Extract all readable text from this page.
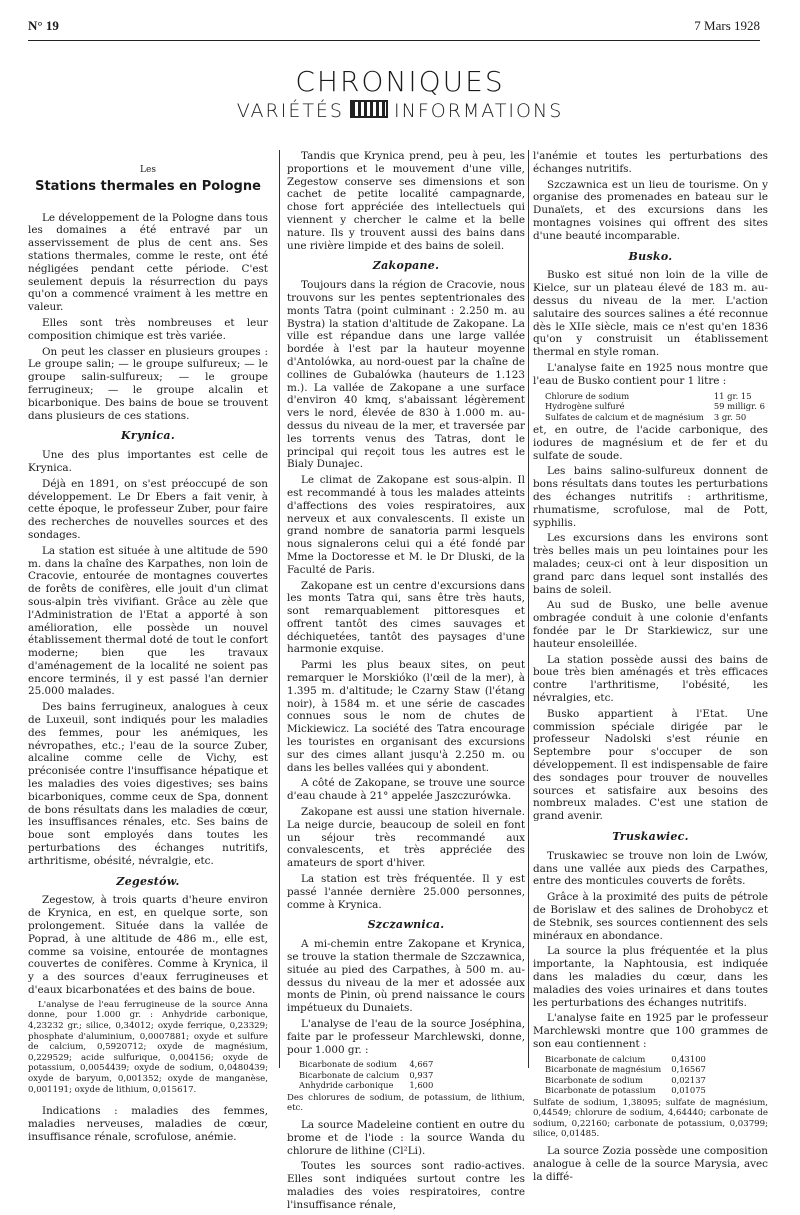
N° 19	7 Mars 1928
CHRONIQUES
VARIÉTÉS	INFORMATIONS
Les
Stations thermales en Pologne

Le développement de la Pologne dans tous les domaines a été entravé par un asservissement de plus de cent ans. Ses stations thermales, comme le reste, ont été négligées pendant cette période. C'est seulement depuis la résurrection du pays qu'on a commencé vraiment à les mettre en valeur.

Elles sont très nombreuses et leur composition chimique est très variée.

On peut les classer en plusieurs groupes : Le groupe salin; — le groupe sulfureux; — le groupe salin-sulfureux; — le groupe ferrugineux; — le groupe alcalin et bicarbonique. Des bains de boue se trouvent dans plusieurs de ces stations.

Krynica.

Une des plus importantes est celle de Krynica.

Déjà en 1891, on s'est préoccupé de son développement. Le Dr Ebers a fait venir, à cette époque, le professeur Zuber, pour faire des recherches de nouvelles sources et des sondages.

La station est située à une altitude de 590 m. dans la chaîne des Karpathes, non loin de Cracovie, entourée de montagnes couvertes de forêts de conifères, elle jouit d'un climat sous-alpin très vivifiant. Grâce au zèle que l'Administration de l'Etat a apporté à son amélioration, elle possède un nouvel établissement thermal doté de tout le confort moderne; bien que les travaux d'aménagement de la localité ne soient pas encore terminés, il y est passé l'an dernier 25.000 malades.

Des bains ferrugineux, analogues à ceux de Luxeuil, sont indiqués pour les maladies des femmes, pour les anémiques, les névropathes, etc.; l'eau de la source Zuber, alcaline comme celle de Vichy, est préconisée contre l'insuffisance hépatique et les maladies des voies digestives; ses bains bicarboniques, comme ceux de Spa, donnent de bons résultats dans les maladies de cœur, les insuffisances rénales, etc. Ses bains de boue sont employés dans toutes les perturbations des échanges nutritifs, arthritisme, obésité, névralgie, etc.

Zegestów.

Zegestow, à trois quarts d'heure environ de Krynica, en est, en quelque sorte, son prolongement. Située dans la vallée de Poprad, à une altitude de 486 m., elle est, comme sa voisine, entourée de montagnes couvertes de conifères. Comme à Krynica, il y a des sources d'eaux ferrugineuses et d'eaux bicarbonatées et des bains de boue.

L'analyse de l'eau ferrugineuse de la source Anna donne, pour 1.000 gr. : Anhydride carbonique, 4,23232 gr.; silice, 0,34012; oxyde ferrique, 0,23329; phosphate d'aluminium, 0,0007881; oxyde et sulfure de calcium, 0,5920712; oxyde de magnésium, 0,229529; acide sulfurique, 0,004156; oxyde de potassium, 0,0054439; oxyde de sodium, 0,0480439; oxyde de baryum, 0,001352; oxyde de manganèse, 0,001191; oxyde de lithium, 0,015617.

Indications : maladies des femmes, maladies nerveuses, maladies de cœur, insuffisance rénale, scrofulose, anémie.

Tandis que Krynica prend, peu à peu, les proportions et le mouvement d'une ville, Zegestow conserve ses dimensions et son cachet de petite localité campagnarde, chose fort appréciée des intellectuels qui viennent y chercher le calme et la belle nature. Ils y trouvent aussi des bains dans une rivière limpide et des bains de soleil.

Zakopane.

Toujours dans la région de Cracovie, nous trouvons sur les pentes septentrionales des monts Tatra (point culminant : 2.250 m. au Bystra) la station d'altitude de Zakopane. La ville est répandue dans une large vallée bordée à l'est par la hauteur moyenne d'Antolówka, au nord-ouest par la chaîne de collines de Gubalówka (hauteurs de 1.123 m.). La vallée de Zakopane a une surface d'environ 40 kmq, s'abaissant légèrement vers le nord, élevée de 830 à 1.000 m. au-dessus du niveau de la mer, et traversée par les torrents venus des Tatras, dont le principal qui reçoit tous les autres est le Bialy Dunajec.

Le climat de Zakopane est sous-alpin. Il est recommandé à tous les malades atteints d'affections des voies respiratoires, aux nerveux et aux convalescents. Il existe un grand nombre de sanatoria parmi lesquels nous signalerons celui qui a été fondé par Mme la Doctoresse et M. le Dr Dluski, de la Faculté de Paris.

Zakopane est un centre d'excursions dans les monts Tatra qui, sans être très hauts, sont remarquablement pittoresques et offrent tantôt des cimes sauvages et déchiquetées, tantôt des paysages d'une harmonie exquise.

Parmi les plus beaux sites, on peut remarquer le Morskióko (l'œil de la mer), à 1.395 m. d'altitude; le Czarny Staw (l'étang noir), à 1584 m. et une série de cascades connues sous le nom de chutes de Mickiewicz. La société des Tatra encourage les touristes en organisant des excursions sur des cimes allant jusqu'à 2.250 m. ou dans les belles vallées qui y abondent.

A côté de Zakopane, se trouve une source d'eau chaude à 21° appelée Jaszczurówka.

Zakopane est aussi une station hivernale. La neige durcie, beaucoup de soleil en font un séjour très recommandé aux convalescents, et très appréciée des amateurs de sport d'hiver.

La station est très fréquentée. Il y est passé l'année dernière 25.000 personnes, comme à Krynica.

Szczawnica.

A mi-chemin entre Zakopane et Krynica, se trouve la station thermale de Szczawnica, située au pied des Carpathes, à 500 m. au-dessus du niveau de la mer et adossée aux monts de Pinin, où prend naissance le cours impétueux du Dunaiets.

L'analyse de l'eau de la source Joséphina, faite par le professeur Marchlewski, donne, pour 1.000 gr. :

Bicarbonate de sodium	4,667
Bicarbonate de calcium	0,937
Anhydride carbonique	1,600
Des chlorures de sodium, de potassium, de lithium, etc.

La source Madeleine contient en outre du brome et de l'iode : la source Wanda du chlorure de lithine (Cl²Li).

Toutes les sources sont radio-actives. Elles sont indiquées surtout contre les maladies des voies respiratoires, contre l'insuffisance rénale,

l'anémie et toutes les perturbations des échanges nutritifs.

Szczawnica est un lieu de tourisme. On y organise des promenades en bateau sur le Dunaïets, et des excursions dans les montagnes voisines qui offrent des sites d'une beauté incomparable.

Busko.

Busko est situé non loin de la ville de Kielce, sur un plateau élevé de 183 m. au-dessus du niveau de la mer. L'action salutaire des sources salines a été reconnue dès le XIIe siècle, mais ce n'est qu'en 1836 qu'on y construisit un établissement thermal en style roman.

L'analyse faite en 1925 nous montre que l'eau de Busko contient pour 1 litre :

Chlorure de sodium	11 gr. 15
Hydrogène sulfuré	59 milligr. 6
Sulfates de calcium et de magnésium	3 gr. 50

et, en outre, de l'acide carbonique, des iodures de magnésium et de fer et du sulfate de soude.

Les bains salino-sulfureux donnent de bons résultats dans toutes les perturbations des échanges nutritifs : arthritisme, rhumatisme, scrofulose, mal de Pott, syphilis.

Les excursions dans les environs sont très belles mais un peu lointaines pour les malades; ceux-ci ont à leur disposition un grand parc dans lequel sont installés des bains de soleil.

Au sud de Busko, une belle avenue ombragée conduit à une colonie d'enfants fondée par le Dr Starkiewicz, sur une hauteur ensoleillée.

La station possède aussi des bains de boue très bien aménagés et très efficaces contre l'arthritisme, l'obésité, les névralgies, etc.

Busko appartient à l'Etat. Une commission spéciale dirigée par le professeur Nadolski s'est réunie en Septembre pour s'occuper de son développement. Il est indispensable de faire des sondages pour trouver de nouvelles sources et satisfaire aux besoins des nombreux malades. C'est une station de grand avenir.

Truskawiec.

Truskawiec se trouve non loin de Lwów, dans une vallée aux pieds des Carpathes, entre des monticules couverts de forêts.

Grâce à la proximité des puits de pétrole de Borislaw et des salines de Drohobycz et de Stebnik, ses sources contiennent des sels minéraux en abondance.

La source la plus fréquentée et la plus importante, la Naphtousia, est indiquée dans les maladies du cœur, dans les maladies des voies urinaires et dans toutes les perturbations des échanges nutritifs.

L'analyse faite en 1925 par le professeur Marchlewski montre que 100 grammes de son eau contiennent :

Bicarbonate de calcium	0,43100
Bicarbonate de magnésium	0,16567
Bicarbonate de sodium	0,02137
Bicarbonate de potassium	0,01075
Sulfate de sodium, 1,38095; sulfate de magnésium, 0,44549; chlorure de sodium, 4,64440; carbonate de sodium, 0,22160; carbonate de potassium, 0,03799; silice, 0,01485.

La source Zozia possède une composition analogue à celle de la source Marysia, avec la diffé-
